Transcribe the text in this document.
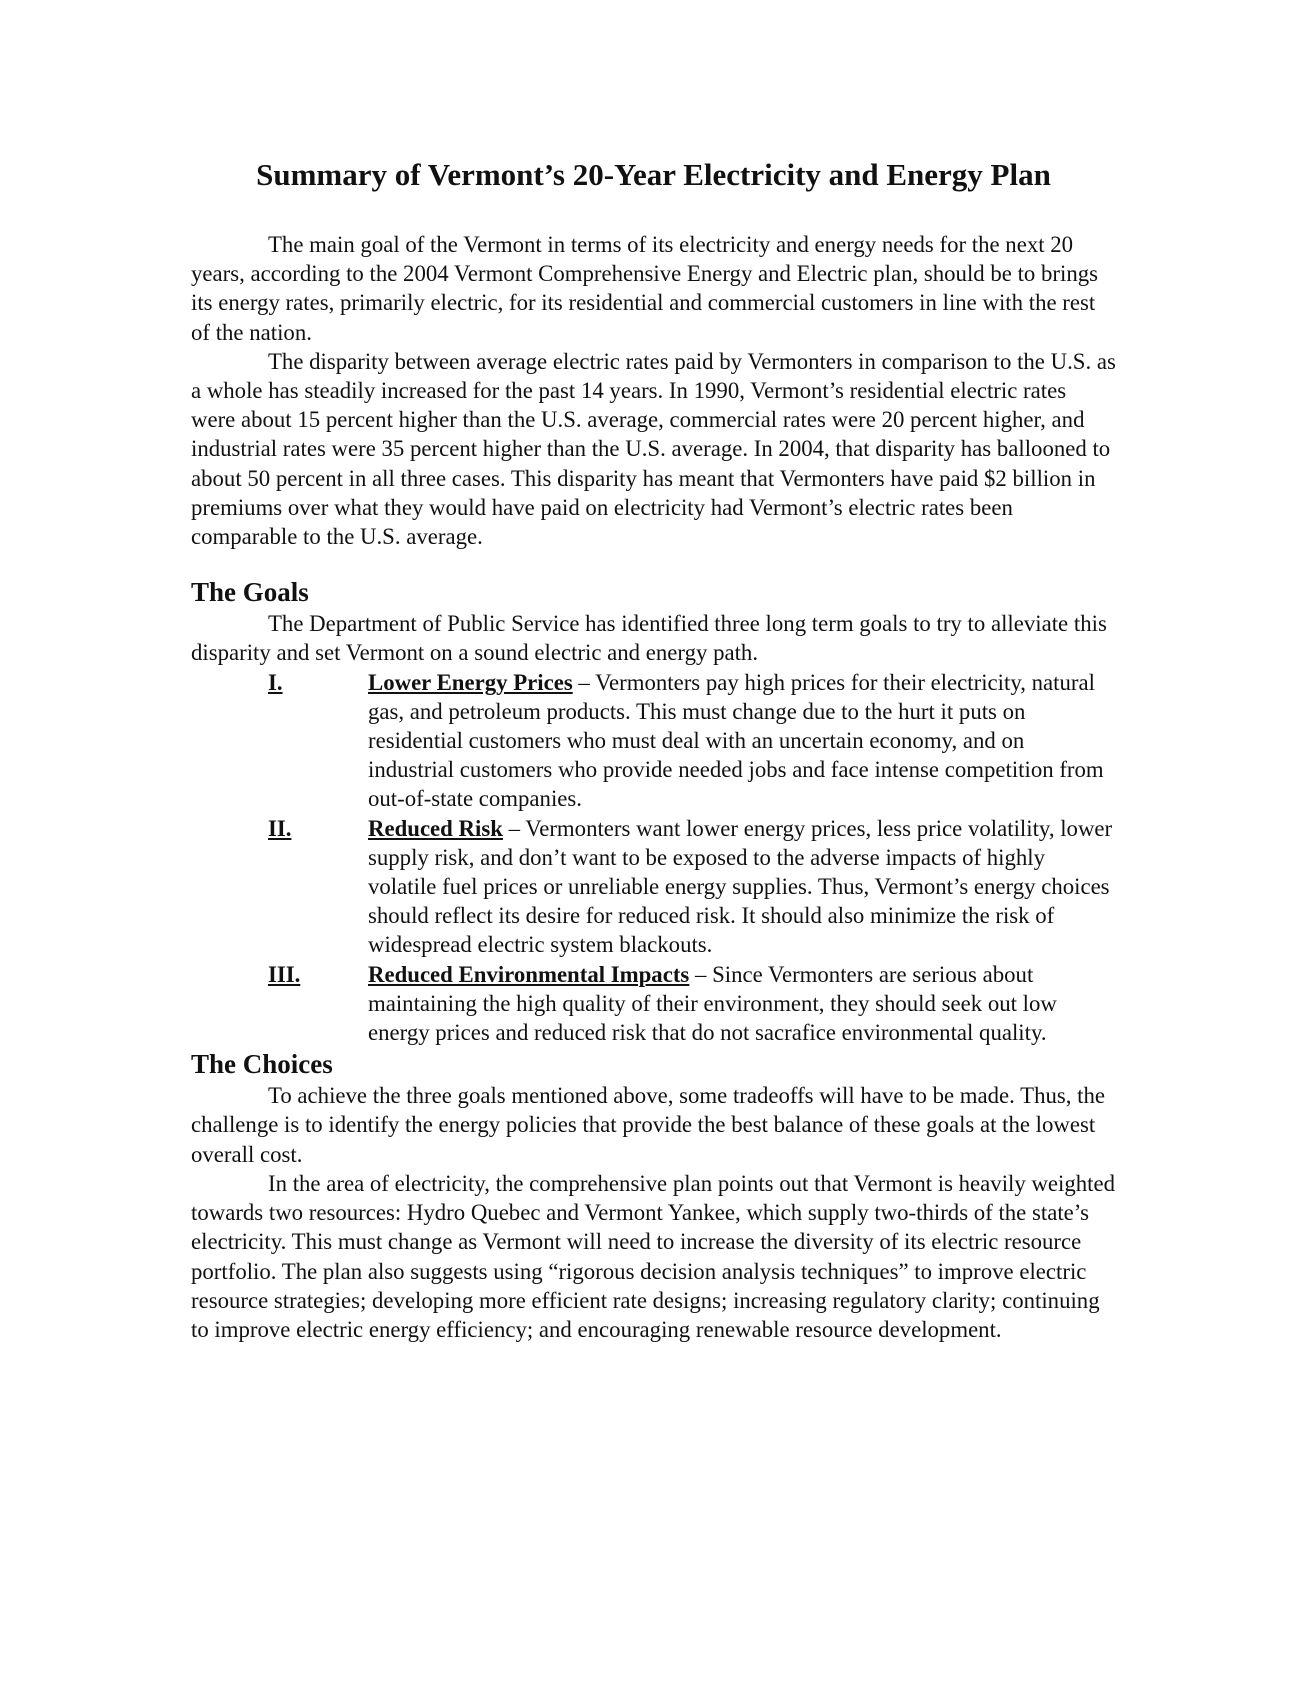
Summary of Vermont’s 20-Year Electricity and Energy Plan

The main goal of the Vermont in terms of its electricity and energy needs for the next 20 years, according to the 2004 Vermont Comprehensive Energy and Electric plan, should be to brings its energy rates, primarily electric, for its residential and commercial customers in line with the rest of the nation.

The disparity between average electric rates paid by Vermonters in comparison to the U.S. as a whole has steadily increased for the past 14 years. In 1990, Vermont’s residential electric rates were about 15 percent higher than the U.S. average, commercial rates were 20 percent higher, and industrial rates were 35 percent higher than the U.S. average. In 2004, that disparity has ballooned to about 50 percent in all three cases. This disparity has meant that Vermonters have paid $2 billion in premiums over what they would have paid on electricity had Vermont’s electric rates been comparable to the U.S. average.

The Goals

The Department of Public Service has identified three long term goals to try to alleviate this disparity and set Vermont on a sound electric and energy path.

I.	Lower Energy Prices – Vermonters pay high prices for their electricity, natural gas, and petroleum products. This must change due to the hurt it puts on residential customers who must deal with an uncertain economy, and on industrial customers who provide needed jobs and face intense competition from out-of-state companies.
II.	Reduced Risk – Vermonters want lower energy prices, less price volatility, lower supply risk, and don’t want to be exposed to the adverse impacts of highly volatile fuel prices or unreliable energy supplies. Thus, Vermont’s energy choices should reflect its desire for reduced risk. It should also minimize the risk of widespread electric system blackouts.
III.	Reduced Environmental Impacts – Since Vermonters are serious about maintaining the high quality of their environment, they should seek out low energy prices and reduced risk that do not sacrafice environmental quality.
The Choices

To achieve the three goals mentioned above, some tradeoffs will have to be made. Thus, the challenge is to identify the energy policies that provide the best balance of these goals at the lowest overall cost.

In the area of electricity, the comprehensive plan points out that Vermont is heavily weighted towards two resources: Hydro Quebec and Vermont Yankee, which supply two-thirds of the state’s electricity. This must change as Vermont will need to increase the diversity of its electric resource portfolio. The plan also suggests using “rigorous decision analysis techniques” to improve electric resource strategies; developing more efficient rate designs; increasing regulatory clarity; continuing to improve electric energy efficiency; and encouraging renewable resource development.
